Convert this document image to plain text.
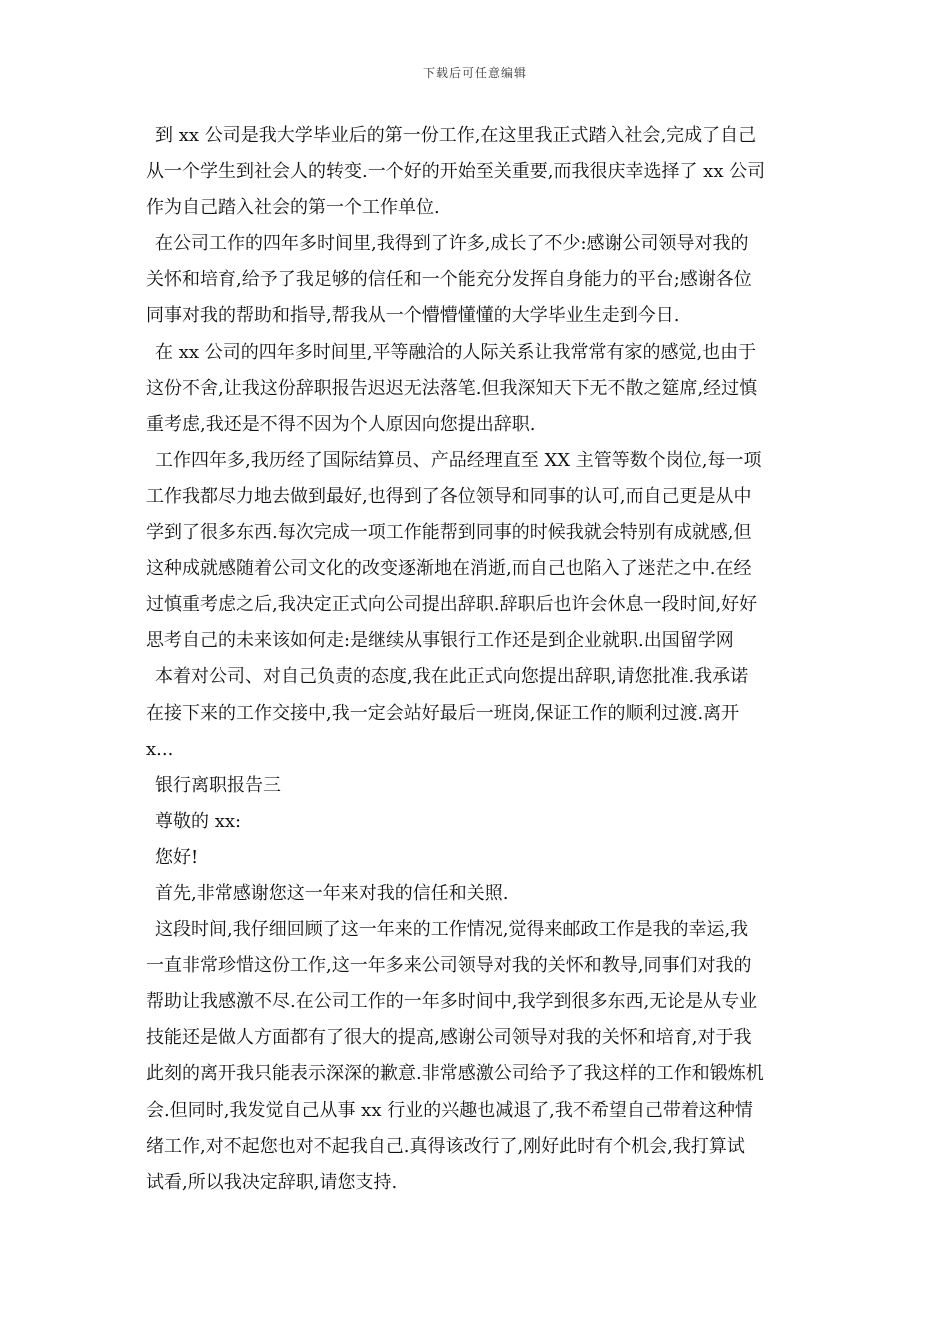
下载后可任意编辑
到 xx 公司是我大学毕业后的第一份工作,在这里我正式踏入社会,完成了自己
从一个学生到社会人的转变.一个好的开始至关重要,而我很庆幸选择了 xx 公司
作为自己踏入社会的第一个工作单位.
在公司工作的四年多时间里,我得到了许多,成长了不少:感谢公司领导对我的
关怀和培育,给予了我足够的信任和一个能充分发挥自身能力的平台;感谢各位
同事对我的帮助和指导,帮我从一个懵懵懂懂的大学毕业生走到今日.
在 xx 公司的四年多时间里,平等融洽的人际关系让我常常有家的感觉,也由于
这份不舍,让我这份辞职报告迟迟无法落笔.但我深知天下无不散之筵席,经过慎
重考虑,我还是不得不因为个人原因向您提出辞职.
工作四年多,我历经了国际结算员、产品经理直至 XX 主管等数个岗位,每一项
工作我都尽力地去做到最好,也得到了各位领导和同事的认可,而自己更是从中
学到了很多东西.每次完成一项工作能帮到同事的时候我就会特别有成就感,但
这种成就感随着公司文化的改变逐渐地在消逝,而自己也陷入了迷茫之中.在经
过慎重考虑之后,我决定正式向公司提出辞职.辞职后也许会休息一段时间,好好
思考自己的未来该如何走:是继续从事银行工作还是到企业就职.出国留学网
本着对公司、对自己负责的态度,我在此正式向您提出辞职,请您批准.我承诺
在接下来的工作交接中,我一定会站好最后一班岗,保证工作的顺利过渡.离开
x...
银行离职报告三
尊敬的 xx:
您好!
首先,非常感谢您这一年来对我的信任和关照.
这段时间,我仔细回顾了这一年来的工作情况,觉得来邮政工作是我的幸运,我
一直非常珍惜这份工作,这一年多来公司领导对我的关怀和教导,同事们对我的
帮助让我感激不尽.在公司工作的一年多时间中,我学到很多东西,无论是从专业
技能还是做人方面都有了很大的提高,感谢公司领导对我的关怀和培育,对于我
此刻的离开我只能表示深深的歉意.非常感激公司给予了我这样的工作和锻炼机
会.但同时,我发觉自己从事 xx 行业的兴趣也减退了,我不希望自己带着这种情
绪工作,对不起您也对不起我自己.真得该改行了,刚好此时有个机会,我打算试
试看,所以我决定辞职,请您支持.
